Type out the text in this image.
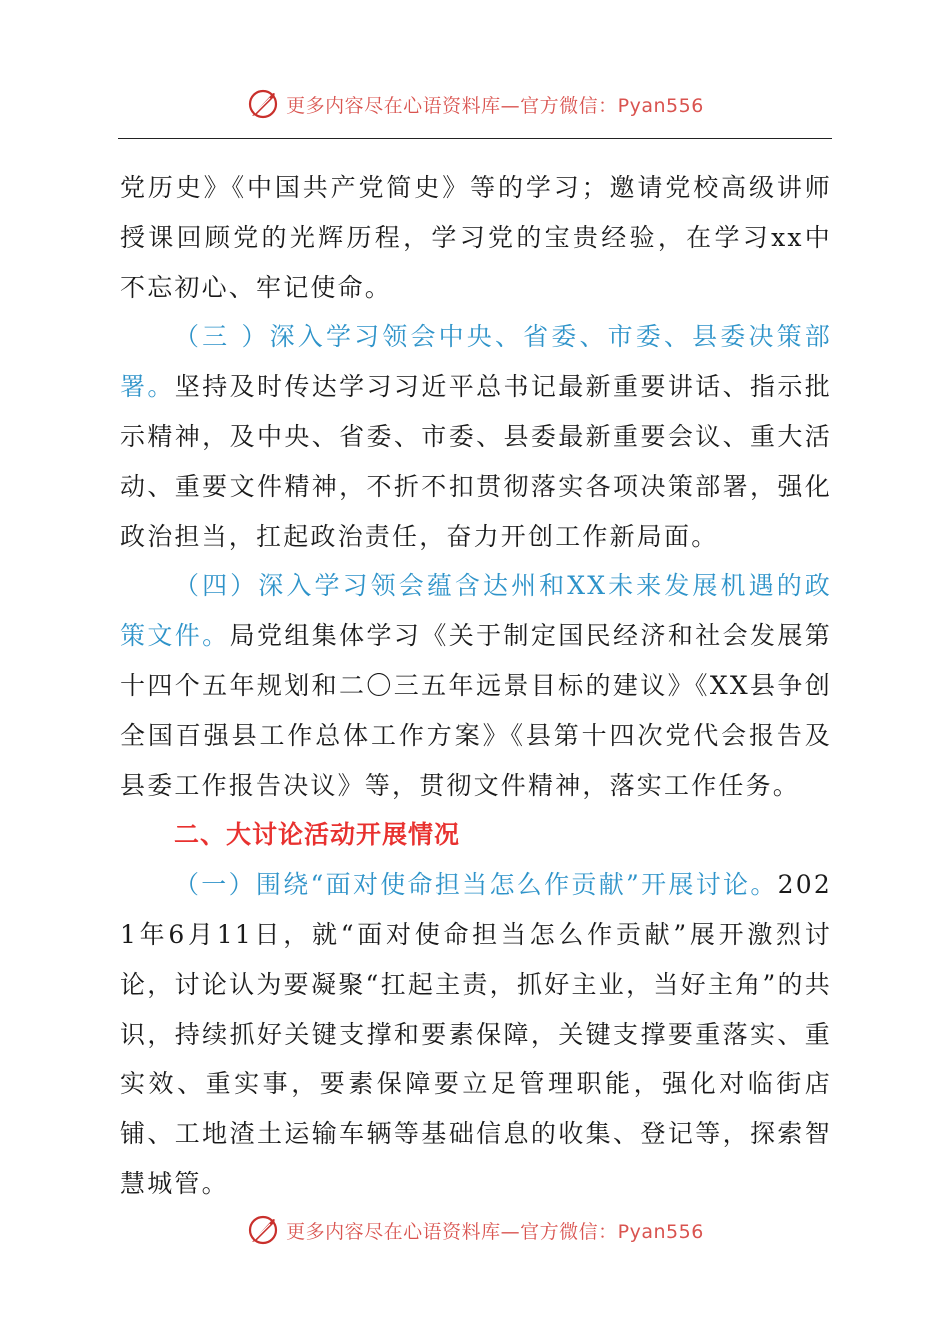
更多内容尽在心语资料库—官方微信：Pyan556

党历史》《中国共产党简史》等的学习；邀请党校高级讲师授课回顾党的光辉历程，学习党的宝贵经验，在学习xx中不忘初心、牢记使命。

（三 ）深入学习领会中央、省委、市委、县委决策部署。坚持及时传达学习习近平总书记最新重要讲话、指示批示精神，及中央、省委、市委、县委最新重要会议、重大活动、重要文件精神，不折不扣贯彻落实各项决策部署，强化政治担当，扛起政治责任，奋力开创工作新局面。

（四）深入学习领会蕴含达州和XX未来发展机遇的政策文件。局党组集体学习《关于制定国民经济和社会发展第十四个五年规划和二〇三五年远景目标的建议》《XX县争创全国百强县工作总体工作方案》《县第十四次党代会报告及县委工作报告决议》等，贯彻文件精神，落实工作任务。

二、大讨论活动开展情况

（一）围绕“面对使命担当怎么作贡献”开展讨论。2021年6月11日，就“面对使命担当怎么作贡献”展开激烈讨论，讨论认为要凝聚“扛起主责，抓好主业，当好主角”的共识，持续抓好关键支撑和要素保障，关键支撑要重落实、重实效、重实事，要素保障要立足管理职能，强化对临街店铺、工地渣土运输车辆等基础信息的收集、登记等，探索智慧城管。

更多内容尽在心语资料库—官方微信：Pyan556
